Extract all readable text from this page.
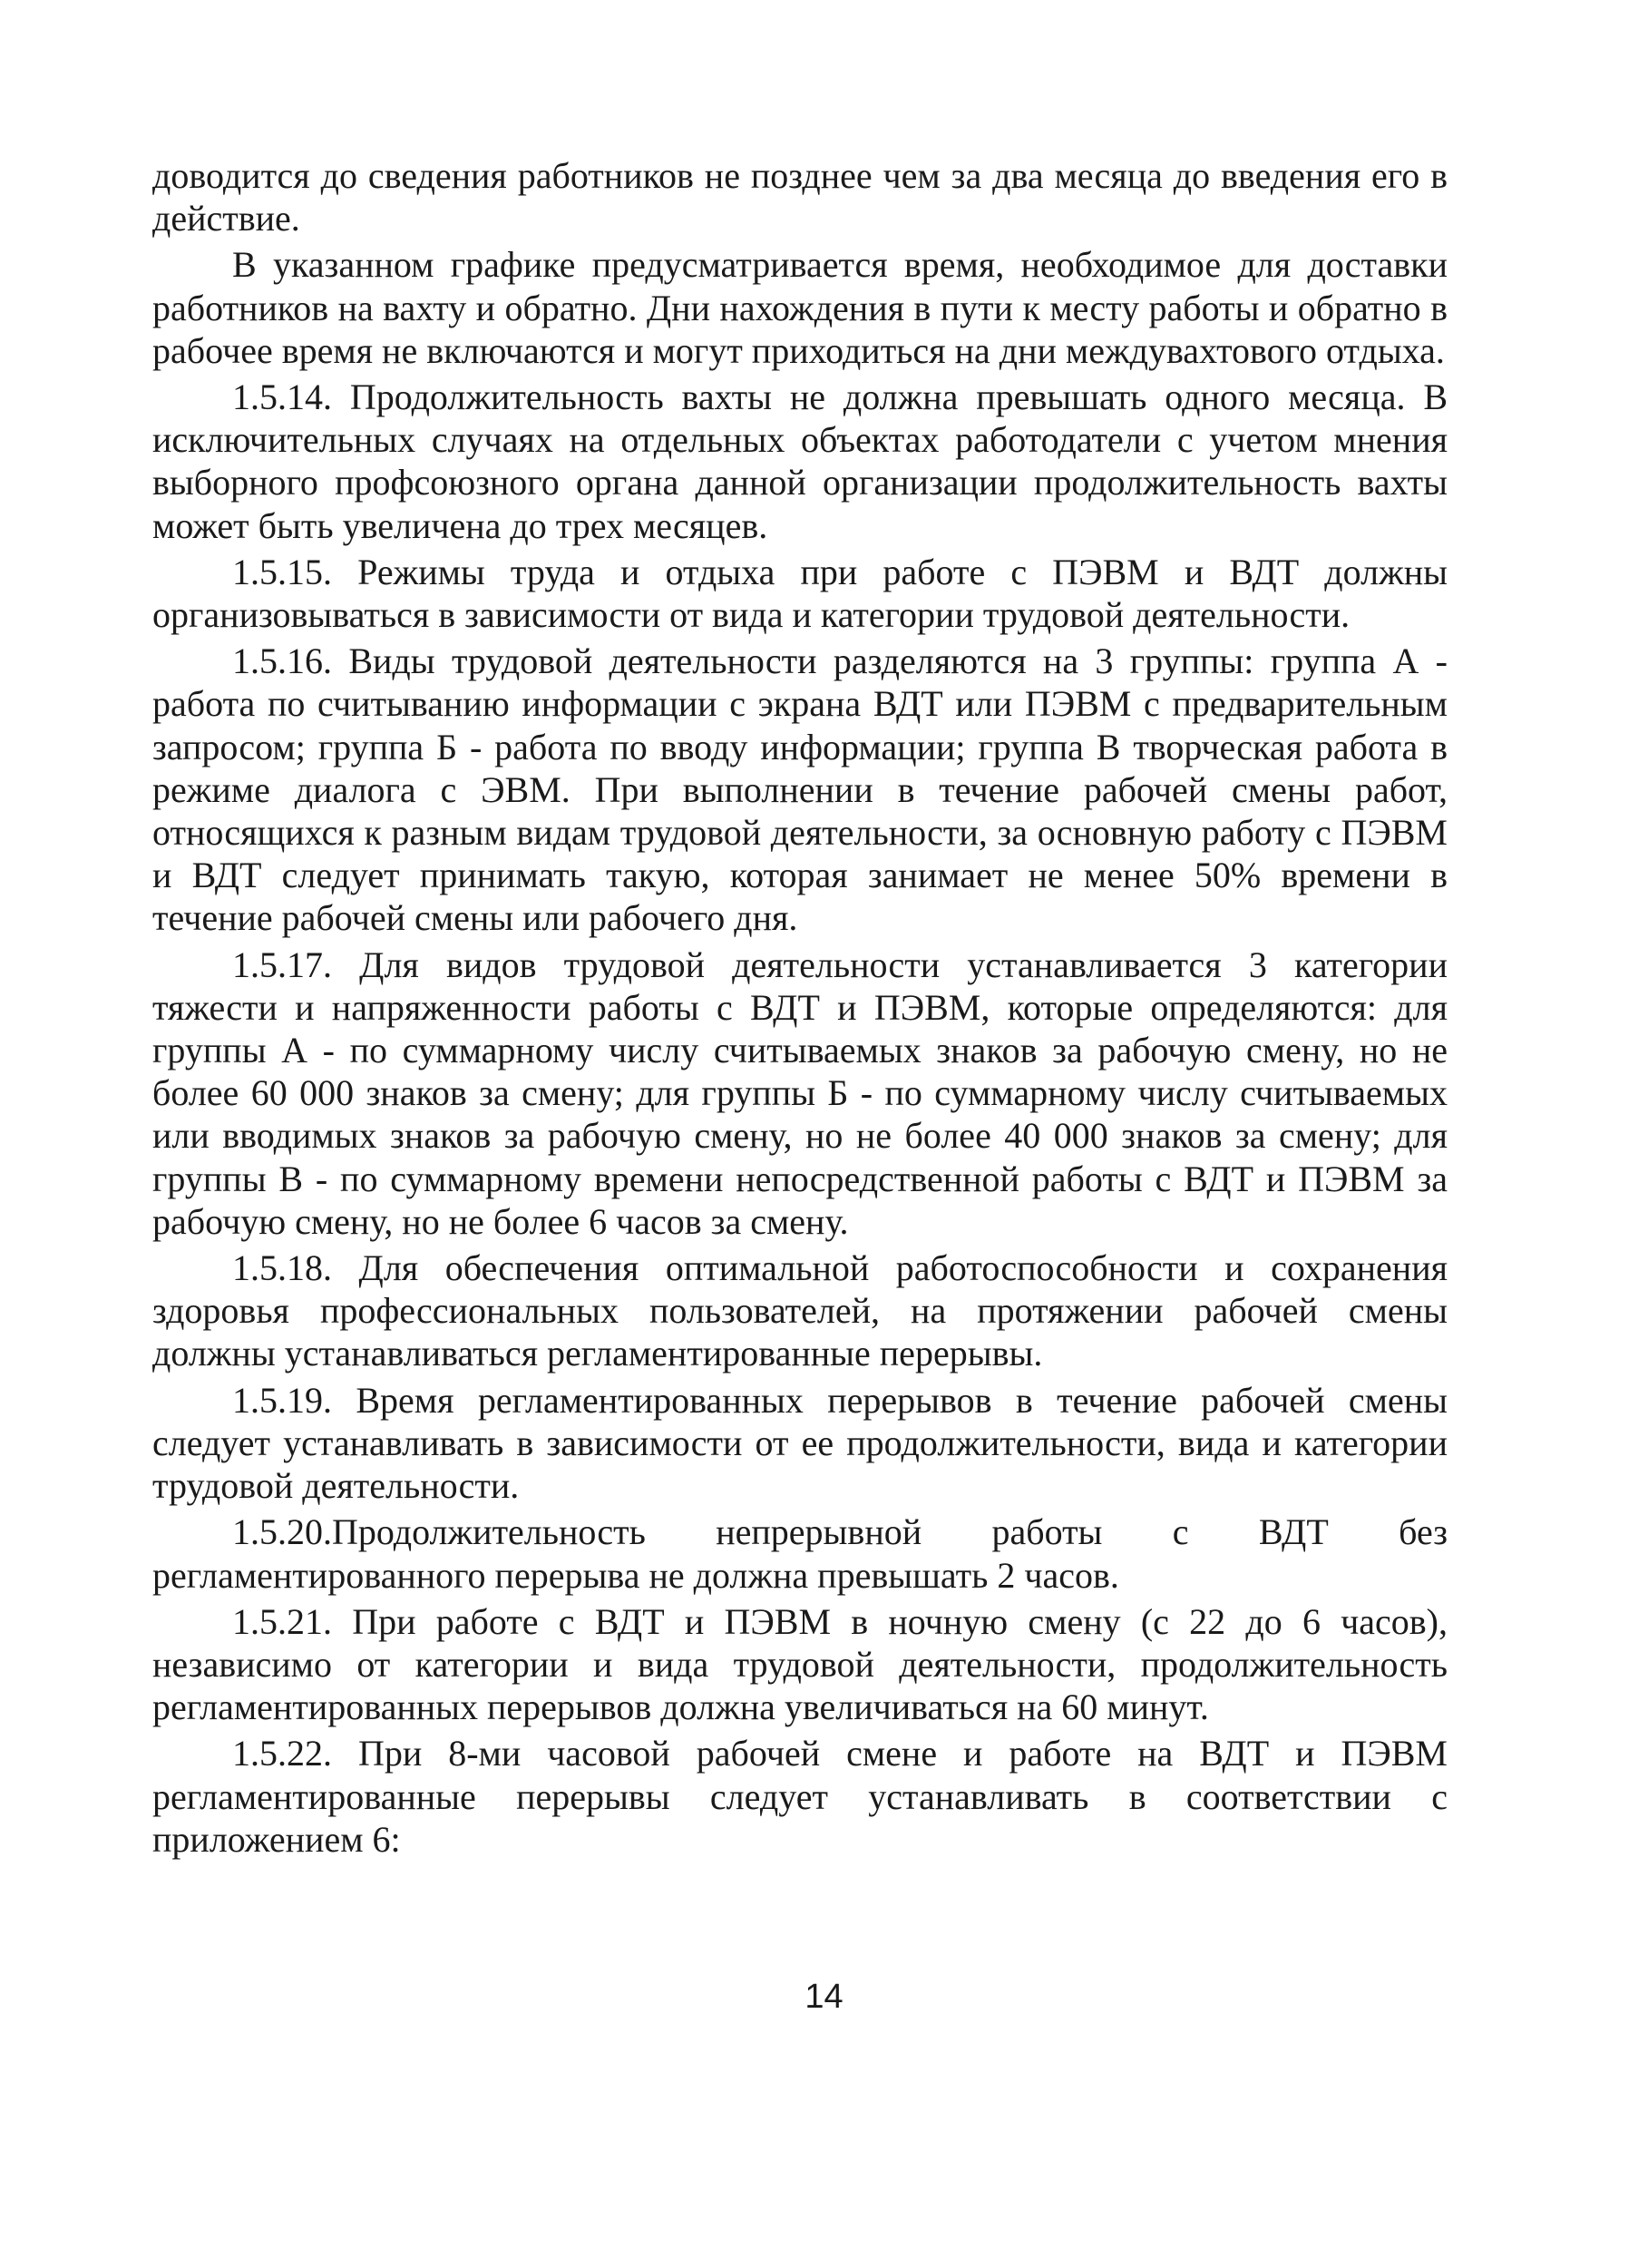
доводится до сведения работников не позднее чем за два месяца до введения его в действие.

В указанном графике предусматривается время, необходимое для доставки работников на вахту и обратно. Дни нахождения в пути к месту работы и обратно в рабочее время не включаются и могут приходиться на дни междувахтового отдыха.

1.5.14. Продолжительность вахты не должна превышать одного месяца. В исключительных случаях на отдельных объектах работодатели с учетом мнения выборного профсоюзного органа данной организации продолжительность вахты может быть увеличена до трех месяцев.

1.5.15. Режимы труда и отдыха при работе с ПЭВМ и ВДТ должны организовываться в зависимости от вида и категории трудовой деятельности.

1.5.16. Виды трудовой деятельности разделяются на 3 группы: группа А - работа по считыванию информации с экрана ВДТ или ПЭВМ с предварительным запросом; группа Б - работа по вводу информации; группа В творческая работа в режиме диалога с ЭВМ. При выполнении в течение рабочей смены работ, относящихся к разным видам трудовой деятельности, за основную работу с ПЭВМ и ВДТ следует принимать такую, которая занимает не менее 50% времени в течение рабочей смены или рабочего дня.

1.5.17. Для видов трудовой деятельности устанавливается 3 категории тяжести и напряженности работы с ВДТ и ПЭВМ, которые определяются: для группы А - по суммарному числу считываемых знаков за рабочую смену, но не более 60 000 знаков за смену; для группы Б - по суммарному числу считываемых или вводимых знаков за рабочую смену, но не более 40 000 знаков за смену; для группы В - по суммарному времени непосредственной работы с ВДТ и ПЭВМ за рабочую смену, но не более 6 часов за смену.

1.5.18. Для обеспечения оптимальной работоспособности и сохранения здоровья профессиональных пользователей, на протяжении рабочей смены должны устанавливаться регламентированные перерывы.

1.5.19. Время регламентированных перерывов в течение рабочей смены следует устанавливать в зависимости от ее продолжительности, вида и категории трудовой деятельности.

1.5.20.Продолжительность непрерывной работы с ВДТ без регламентированного перерыва не должна превышать 2 часов.

1.5.21. При работе с ВДТ и ПЭВМ в ночную смену (с 22 до 6 часов), независимо от категории и вида трудовой деятельности, продолжительность регламентированных перерывов должна увеличиваться на 60 минут.

1.5.22. При 8-ми часовой рабочей смене и работе на ВДТ и ПЭВМ регламентированные перерывы следует устанавливать в соответствии с приложением 6:

14
